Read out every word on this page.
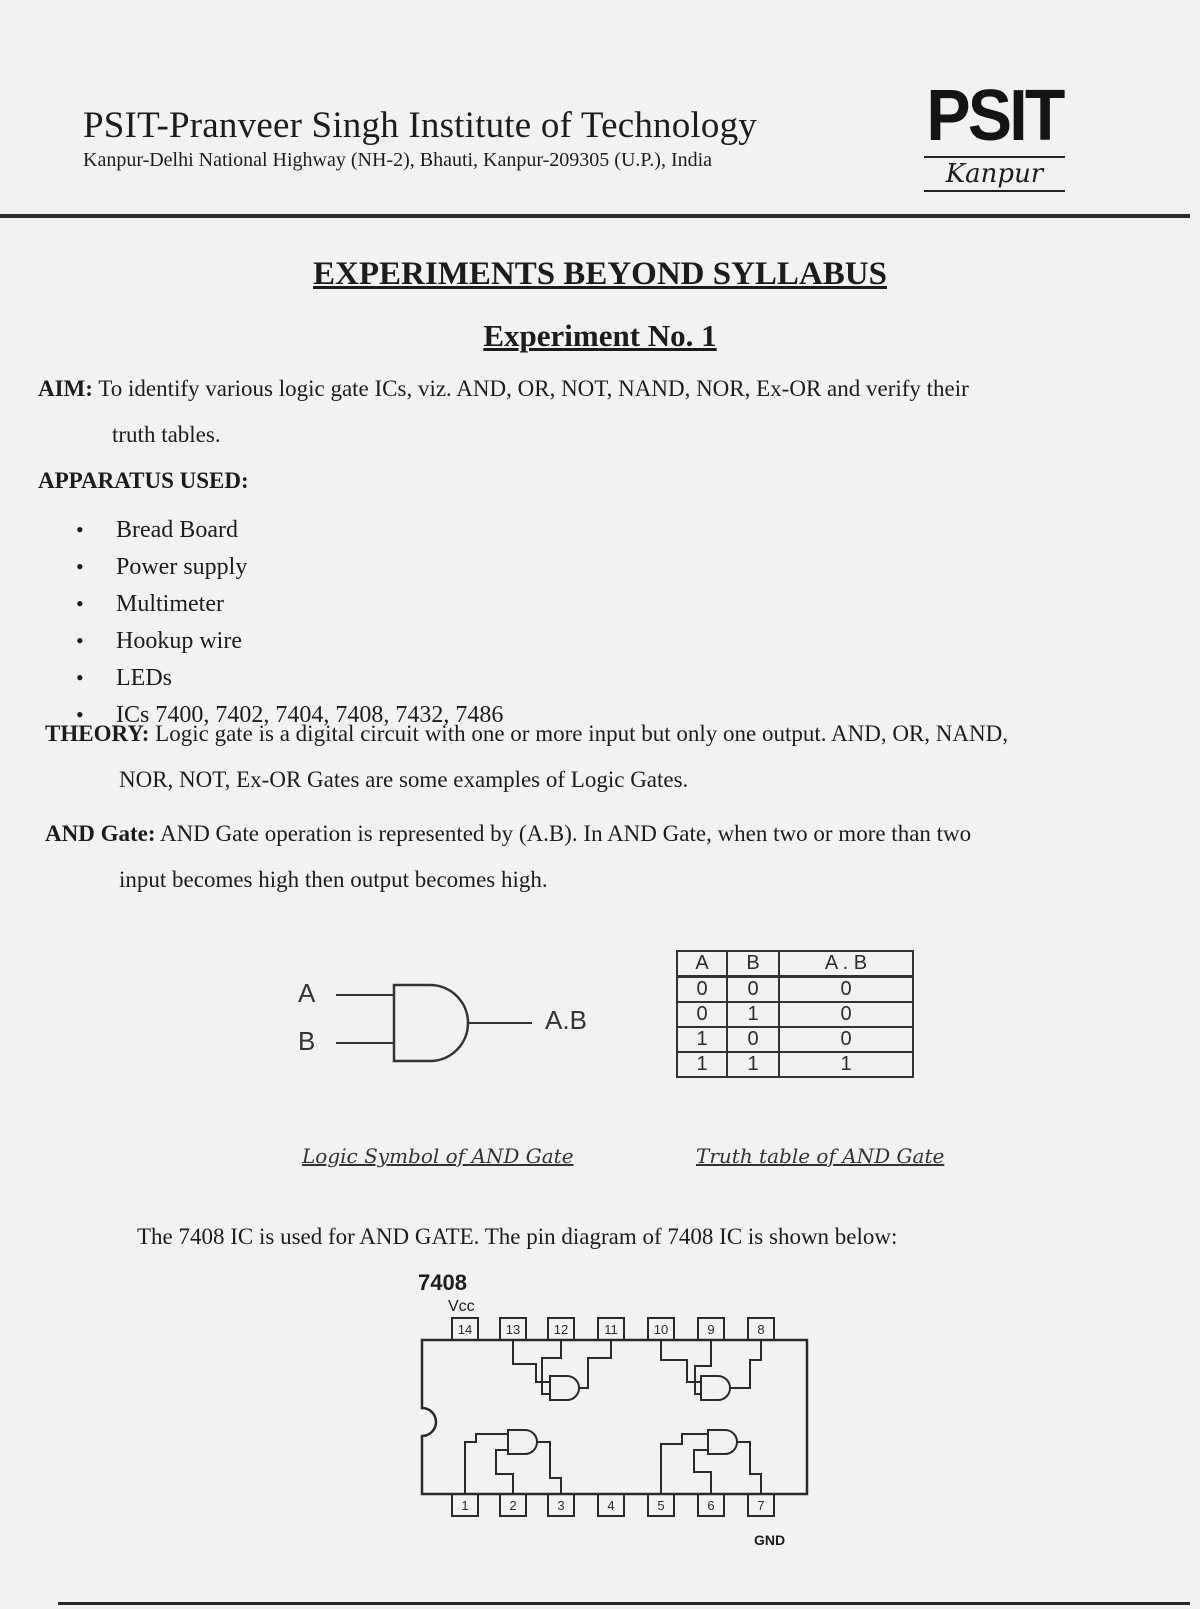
PSIT-Pranveer Singh Institute of Technology
Kanpur-Delhi National Highway (NH-2), Bhauti, Kanpur-209305 (U.P.), India
PSIT
Kanpur
EXPERIMENTS BEYOND SYLLABUS
Experiment No. 1
AIM: To identify various logic gate ICs, viz. AND, OR, NOT, NAND, NOR, Ex-OR and verify their
truth tables.
APPARATUS USED:
• Bread Board
• Power supply
• Multimeter
• Hookup wire
• LEDs
• ICs 7400, 7402, 7404, 7408, 7432, 7486
THEORY: Logic gate is a digital circuit with one or more input but only one output. AND, OR, NAND,
NOR, NOT, Ex-OR Gates are some examples of Logic Gates.
AND Gate: AND Gate operation is represented by (A.B). In AND Gate, when two or more than two
input becomes high then output becomes high.
A
B
A.B
A	B	A . B
0	0	0
0	1	0
1	0	0
1	1	1
Logic Symbol of AND Gate	Truth table of AND Gate
The 7408 IC is used for AND GATE. The pin diagram of 7408 IC is shown below:
7408
Vcc
14	13	12	11	10	9	8
1	2	3	4	5	6	7
GND
